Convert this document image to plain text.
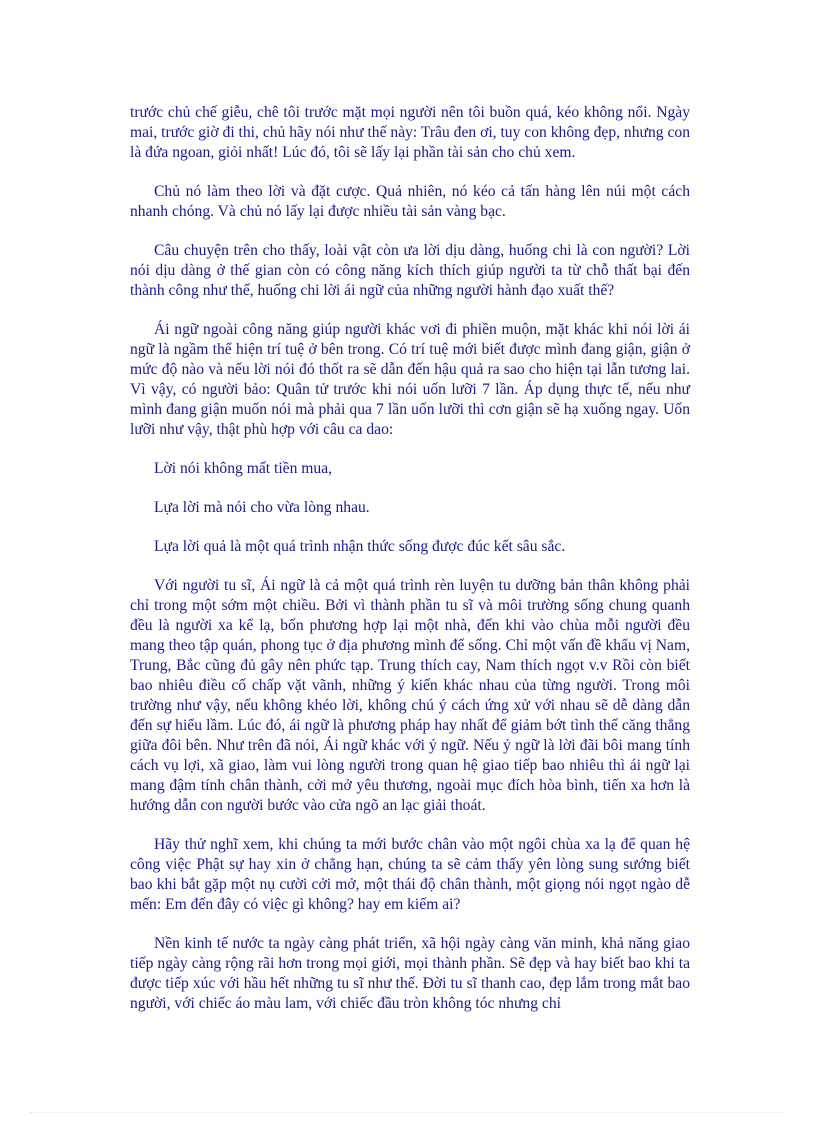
trước chủ chế giễu, chê tôi trước mặt mọi người nên tôi buồn quá, kéo không nổi. Ngày mai, trước giờ đi thi, chủ hãy nói như thế này: Trâu đen ơi, tuy con không đẹp, nhưng con là đứa ngoan, giỏi nhất! Lúc đó, tôi sẽ lấy lại phần tài sản cho chủ xem.

Chủ nó làm theo lời và đặt cược. Quả nhiên, nó kéo cả tấn hàng lên núi một cách nhanh chóng. Và chủ nó lấy lại được nhiều tài sản vàng bạc.

Câu chuyện trên cho thấy, loài vật còn ưa lời dịu dàng, huống chi là con người? Lời nói dịu dàng ở thế gian còn có công năng kích thích giúp người ta từ chỗ thất bại đến thành công như thế, huống chi lời ái ngữ của những người hành đạo xuất thế?

Ái ngữ ngoài công năng giúp người khác vơi đi phiền muộn, mặt khác khi nói lời ái ngữ là ngầm thể hiện trí tuệ ở bên trong. Có trí tuệ mới biết được mình đang giận, giận ở mức độ nào và nếu lời nói đó thốt ra sẽ dẫn đến hậu quả ra sao cho hiện tại lẫn tương lai. Vì vậy, có người bảo: Quân tử trước khi nói uốn lưỡi 7 lần. Áp dụng thực tế, nếu như mình đang giận muốn nói mà phải qua 7 lần uốn lưỡi thì cơn giận sẽ hạ xuống ngay. Uốn lưỡi như vậy, thật phù hợp với câu ca dao:

Lời nói không mất tiền mua,

Lựa lời mà nói cho vừa lòng nhau.

Lựa lời quả là một quá trình nhận thức sống được đúc kết sâu sắc.

Với người tu sĩ, Ái ngữ là cả một quá trình rèn luyện tu dưỡng bản thân không phải chỉ trong một sớm một chiều. Bởi vì thành phần tu sĩ và môi trường sống chung quanh đều là người xa kể lạ, bốn phương hợp lại một nhà, đến khi vào chùa mỗi người đều mang theo tập quán, phong tục ở địa phương mình để sống. Chỉ một vấn đề khẩu vị Nam, Trung, Bắc cũng đủ gây nên phức tạp. Trung thích cay, Nam thích ngọt v.v Rồi còn biết bao nhiêu điều cố chấp vặt vãnh, những ý kiến khác nhau của từng người. Trong môi trường như vậy, nếu không khéo lời, không chú ý cách ứng xử với nhau sẽ dễ dàng dẫn đến sự hiểu lầm. Lúc đó, ái ngữ là phương pháp hay nhất để giảm bớt tình thế căng thẳng giữa đôi bên. Như trên đã nói, Ái ngữ khác với ỷ ngữ. Nếu ỷ ngữ là lời đãi bôi mang tính cách vụ lợi, xã giao, làm vui lòng người trong quan hệ giao tiếp bao nhiêu thì ái ngữ lại mang đậm tính chân thành, cởi mở yêu thương, ngoài mục đích hòa bình, tiến xa hơn là hướng dẫn con người bước vào cửa ngõ an lạc giải thoát.

Hãy thử nghĩ xem, khi chúng ta mới bước chân vào một ngôi chùa xa lạ để quan hệ công việc Phật sự hay xin ở chẳng hạn, chúng ta sẽ cảm thấy yên lòng sung sướng biết bao khi bắt gặp một nụ cười cởi mở, một thái độ chân thành, một giọng nói ngọt ngào dễ mến: Em đến đây có việc gì không? hay em kiếm ai?

Nền kinh tế nước ta ngày càng phát triển, xã hội ngày càng văn minh, khả năng giao tiếp ngày càng rộng rãi hơn trong mọi giới, mọi thành phần. Sẽ đẹp và hay biết bao khi ta được tiếp xúc với hầu hết những tu sĩ như thế. Đời tu sĩ thanh cao, đẹp lắm trong mắt bao người, với chiếc áo màu lam, với chiếc đầu tròn không tóc nhưng chỉ
